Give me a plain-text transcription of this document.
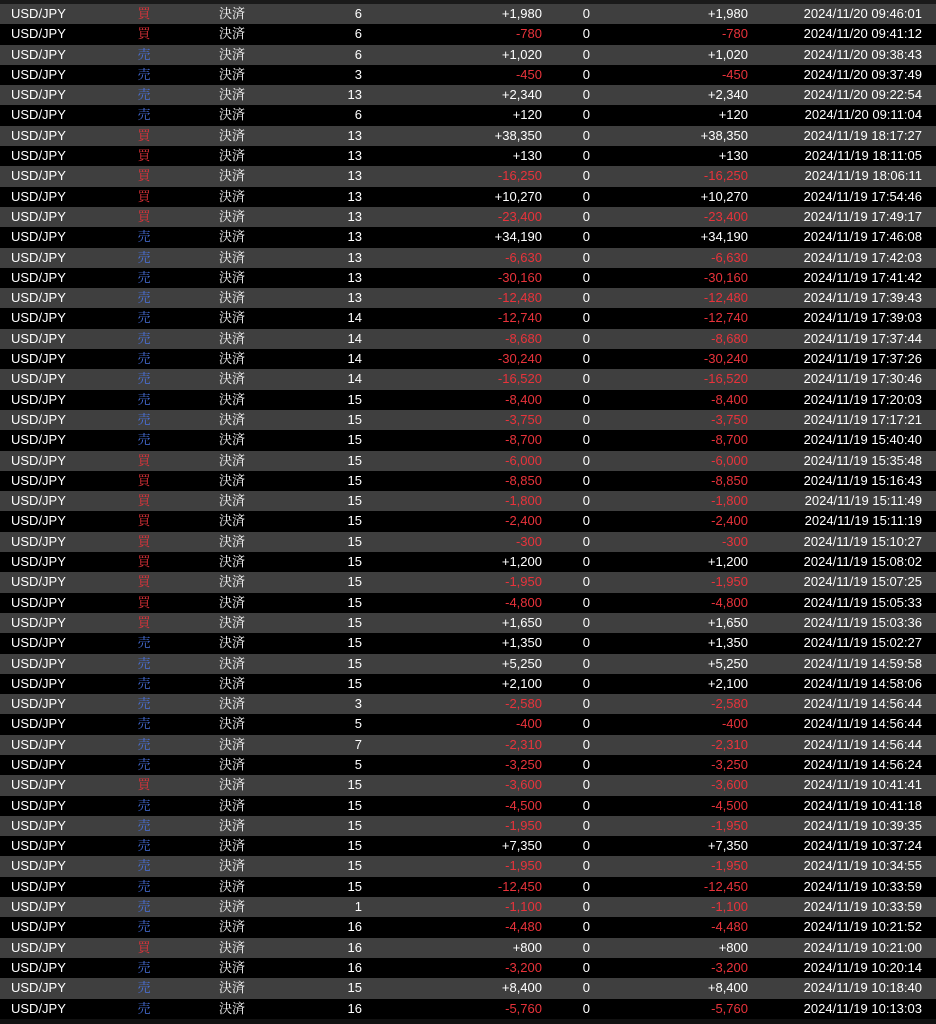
USD/JPY	買	決済	6	+1,980	0	+1,980	2024/11/20 09:46:01
USD/JPY	買	決済	6	-780	0	-780	2024/11/20 09:41:12
USD/JPY	売	決済	6	+1,020	0	+1,020	2024/11/20 09:38:43
USD/JPY	売	決済	3	-450	0	-450	2024/11/20 09:37:49
USD/JPY	売	決済	13	+2,340	0	+2,340	2024/11/20 09:22:54
USD/JPY	売	決済	6	+120	0	+120	2024/11/20 09:11:04
USD/JPY	買	決済	13	+38,350	0	+38,350	2024/11/19 18:17:27
USD/JPY	買	決済	13	+130	0	+130	2024/11/19 18:11:05
USD/JPY	買	決済	13	-16,250	0	-16,250	2024/11/19 18:06:11
USD/JPY	買	決済	13	+10,270	0	+10,270	2024/11/19 17:54:46
USD/JPY	買	決済	13	-23,400	0	-23,400	2024/11/19 17:49:17
USD/JPY	売	決済	13	+34,190	0	+34,190	2024/11/19 17:46:08
USD/JPY	売	決済	13	-6,630	0	-6,630	2024/11/19 17:42:03
USD/JPY	売	決済	13	-30,160	0	-30,160	2024/11/19 17:41:42
USD/JPY	売	決済	13	-12,480	0	-12,480	2024/11/19 17:39:43
USD/JPY	売	決済	14	-12,740	0	-12,740	2024/11/19 17:39:03
USD/JPY	売	決済	14	-8,680	0	-8,680	2024/11/19 17:37:44
USD/JPY	売	決済	14	-30,240	0	-30,240	2024/11/19 17:37:26
USD/JPY	売	決済	14	-16,520	0	-16,520	2024/11/19 17:30:46
USD/JPY	売	決済	15	-8,400	0	-8,400	2024/11/19 17:20:03
USD/JPY	売	決済	15	-3,750	0	-3,750	2024/11/19 17:17:21
USD/JPY	売	決済	15	-8,700	0	-8,700	2024/11/19 15:40:40
USD/JPY	買	決済	15	-6,000	0	-6,000	2024/11/19 15:35:48
USD/JPY	買	決済	15	-8,850	0	-8,850	2024/11/19 15:16:43
USD/JPY	買	決済	15	-1,800	0	-1,800	2024/11/19 15:11:49
USD/JPY	買	決済	15	-2,400	0	-2,400	2024/11/19 15:11:19
USD/JPY	買	決済	15	-300	0	-300	2024/11/19 15:10:27
USD/JPY	買	決済	15	+1,200	0	+1,200	2024/11/19 15:08:02
USD/JPY	買	決済	15	-1,950	0	-1,950	2024/11/19 15:07:25
USD/JPY	買	決済	15	-4,800	0	-4,800	2024/11/19 15:05:33
USD/JPY	買	決済	15	+1,650	0	+1,650	2024/11/19 15:03:36
USD/JPY	売	決済	15	+1,350	0	+1,350	2024/11/19 15:02:27
USD/JPY	売	決済	15	+5,250	0	+5,250	2024/11/19 14:59:58
USD/JPY	売	決済	15	+2,100	0	+2,100	2024/11/19 14:58:06
USD/JPY	売	決済	3	-2,580	0	-2,580	2024/11/19 14:56:44
USD/JPY	売	決済	5	-400	0	-400	2024/11/19 14:56:44
USD/JPY	売	決済	7	-2,310	0	-2,310	2024/11/19 14:56:44
USD/JPY	売	決済	5	-3,250	0	-3,250	2024/11/19 14:56:24
USD/JPY	買	決済	15	-3,600	0	-3,600	2024/11/19 10:41:41
USD/JPY	売	決済	15	-4,500	0	-4,500	2024/11/19 10:41:18
USD/JPY	売	決済	15	-1,950	0	-1,950	2024/11/19 10:39:35
USD/JPY	売	決済	15	+7,350	0	+7,350	2024/11/19 10:37:24
USD/JPY	売	決済	15	-1,950	0	-1,950	2024/11/19 10:34:55
USD/JPY	売	決済	15	-12,450	0	-12,450	2024/11/19 10:33:59
USD/JPY	売	決済	1	-1,100	0	-1,100	2024/11/19 10:33:59
USD/JPY	売	決済	16	-4,480	0	-4,480	2024/11/19 10:21:52
USD/JPY	買	決済	16	+800	0	+800	2024/11/19 10:21:00
USD/JPY	売	決済	16	-3,200	0	-3,200	2024/11/19 10:20:14
USD/JPY	売	決済	15	+8,400	0	+8,400	2024/11/19 10:18:40
USD/JPY	売	決済	16	-5,760	0	-5,760	2024/11/19 10:13:03
